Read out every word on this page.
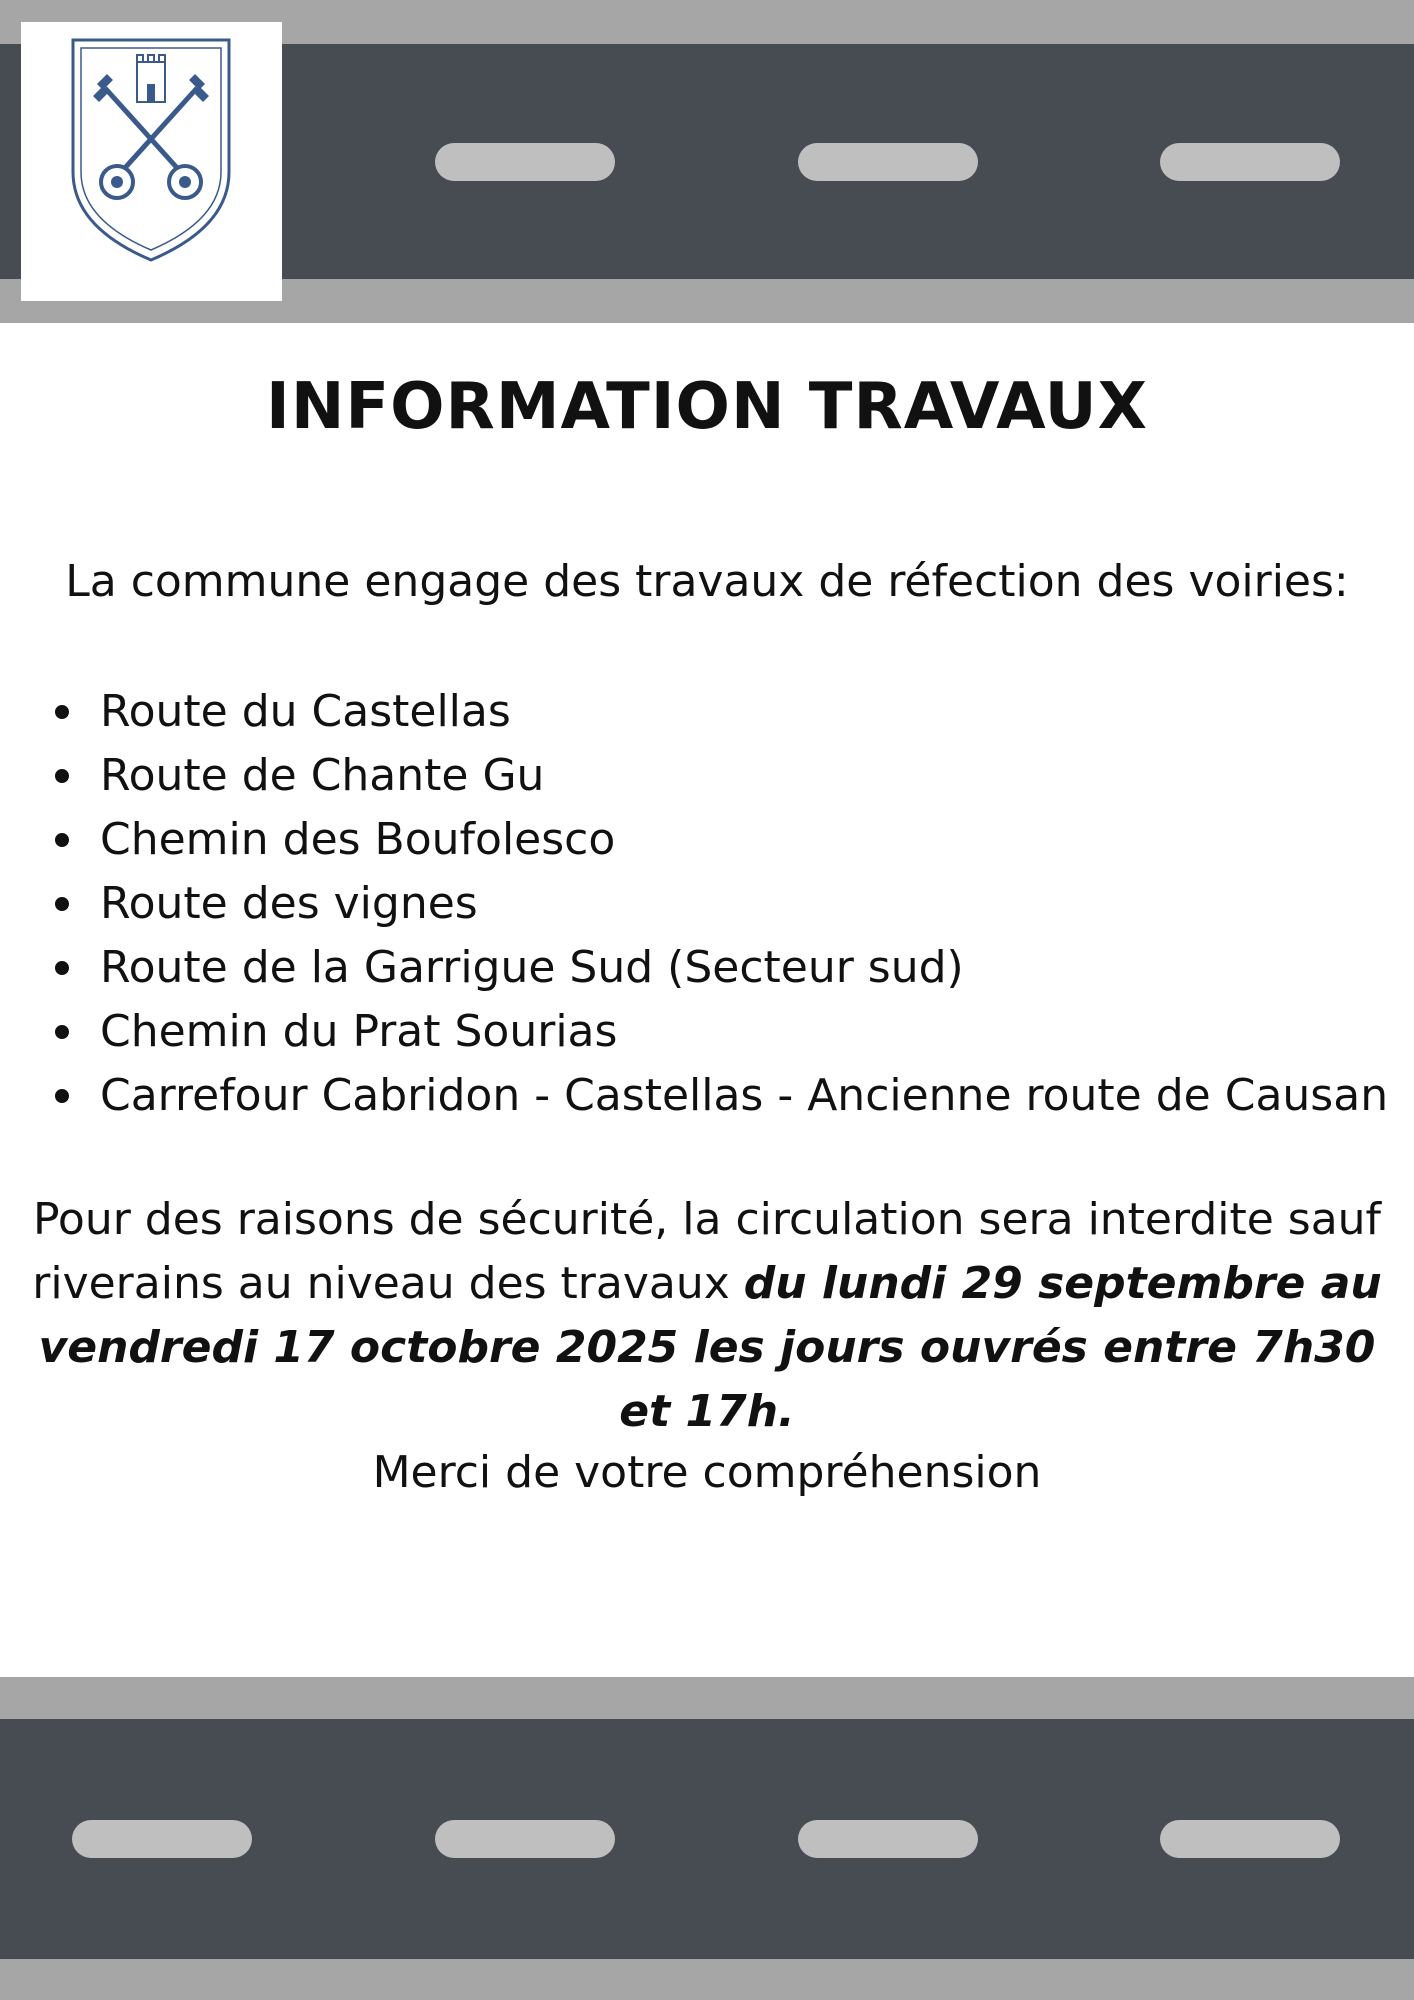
INFORMATION TRAVAUX
La commune engage des travaux de réfection des voiries:
Route du Castellas
Route de Chante Gu
Chemin des Boufolesco
Route des vignes
Route de la Garrigue Sud (Secteur sud)
Chemin du Prat Sourias
Carrefour Cabridon - Castellas - Ancienne route de Causan
Pour des raisons de sécurité, la circulation sera interdite sauf riverains au niveau des travaux du lundi 29 septembre au vendredi 17 octobre 2025 les jours ouvrés entre 7h30 et 17h.
Merci de votre compréhension
